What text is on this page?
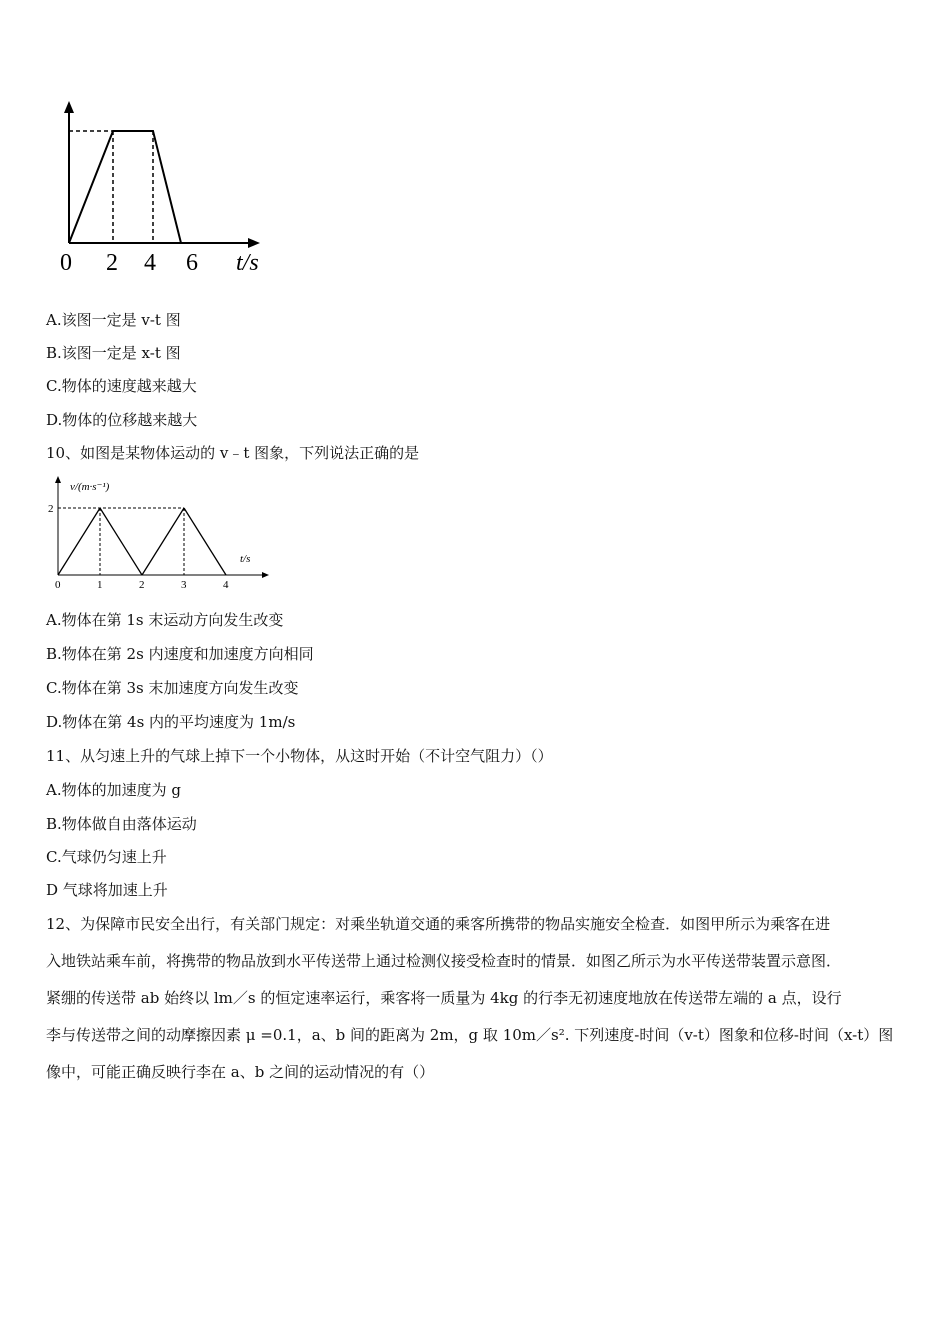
0 2 4 6 t/s
A.该图一定是 v-t 图
B.该图一定是 x-t 图
C.物体的速度越来越大
D.物体的位移越来越大
10、如图是某物体运动的 v﹣t 图象，下列说法正确的是
v/(m·s⁻¹)
t/s
0	1	2	3	4
2
A.物体在第 1s 末运动方向发生改变
B.物体在第 2s 内速度和加速度方向相同
C.物体在第 3s 末加速度方向发生改变
D.物体在第 4s 内的平均速度为 1m/s
11、从匀速上升的气球上掉下一个小物体，从这时开始（不计空气阻力）（）
A.物体的加速度为 g
B.物体做自由落体运动
C.气球仍匀速上升
D 气球将加速上升
12、为保障市民安全出行，有关部门规定：对乘坐轨道交通的乘客所携带的物品实施安全检查．如图甲所示为乘客在进
入地铁站乘车前，将携带的物品放到水平传送带上通过检测仪接受检查时的情景．如图乙所示为水平传送带装置示意图．
紧绷的传送带 ab 始终以 lm／s 的恒定速率运行，乘客将一质量为 4kg 的行李无初速度地放在传送带左端的 a 点，设行
李与传送带之间的动摩擦因素 μ =0.1，a、b 间的距离为 2m，g 取 10m／s². 下列速度-时间（v-t）图象和位移-时间（x-t）图
像中，可能正确反映行李在 a、b 之间的运动情况的有（）
